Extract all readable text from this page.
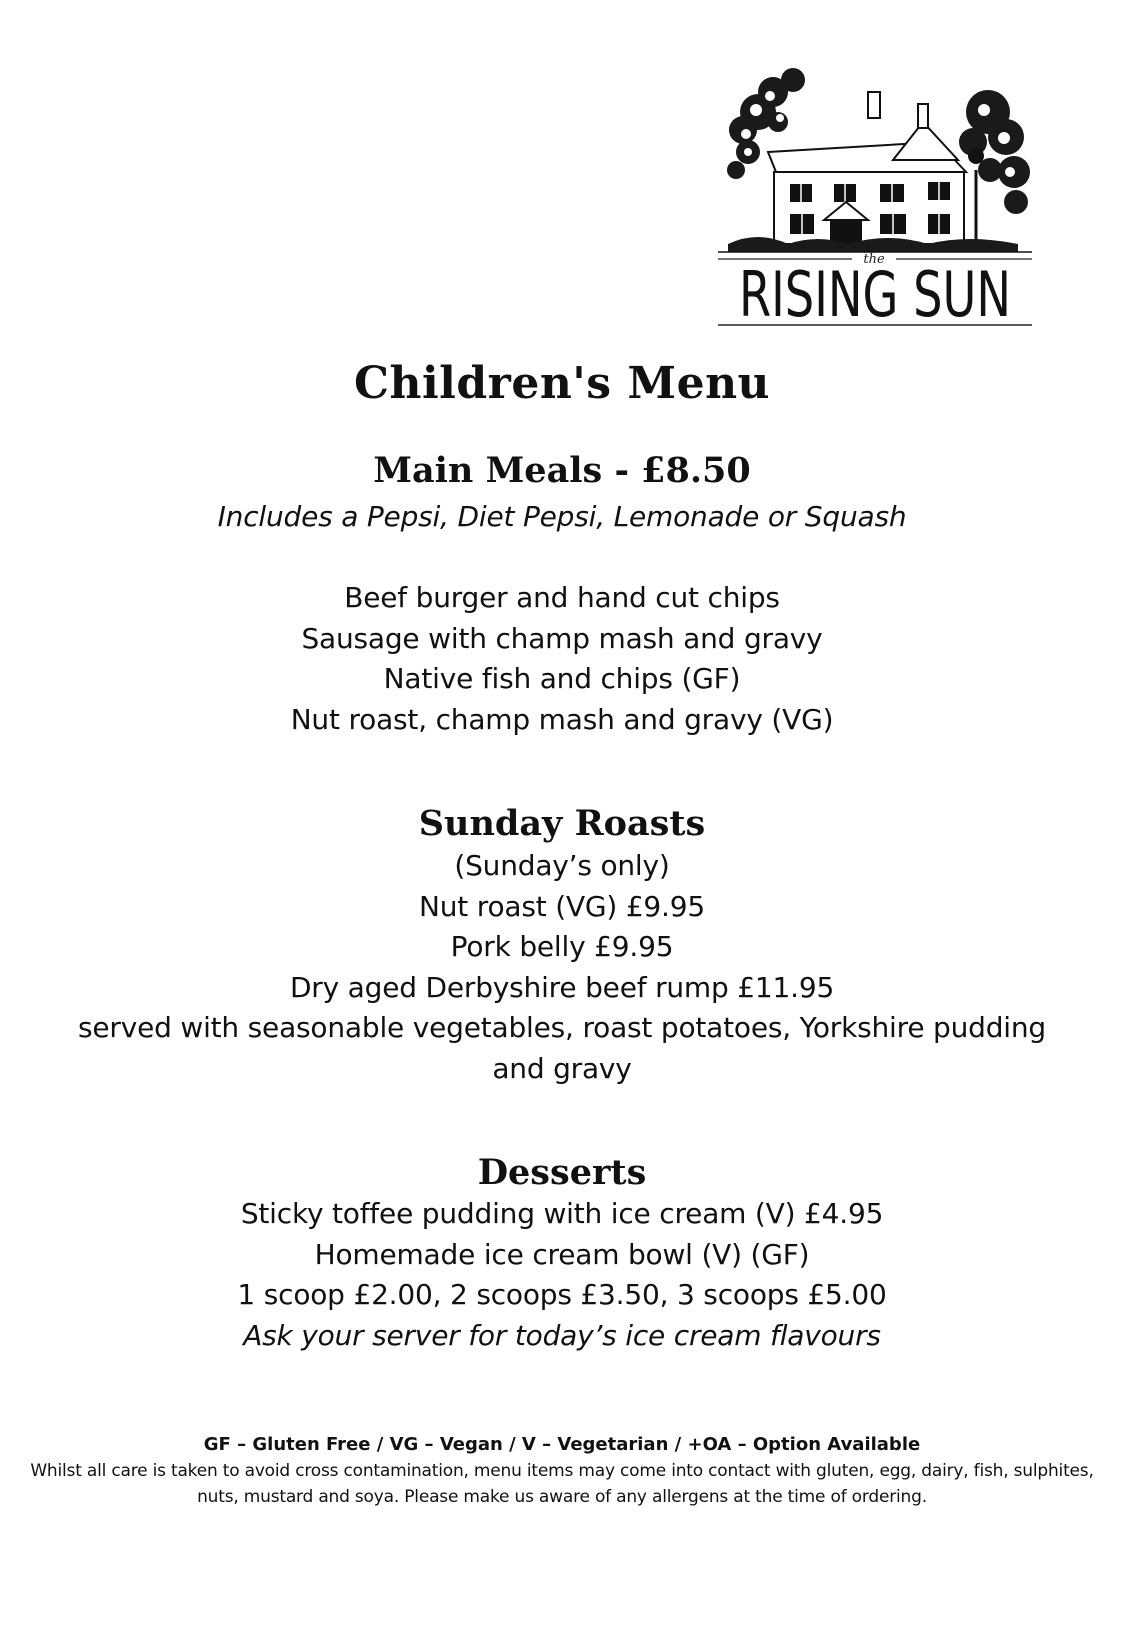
the
RISING SUN
Children's Menu
Main Meals - £8.50
Includes a Pepsi, Diet Pepsi, Lemonade or Squash
Beef burger and hand cut chips
Sausage with champ mash and gravy
Native fish and chips (GF)
Nut roast, champ mash and gravy (VG)
Sunday Roasts
(Sunday’s only)
Nut roast (VG) £9.95
Pork belly £9.95
Dry aged Derbyshire beef rump £11.95
served with seasonable vegetables, roast potatoes, Yorkshire pudding and gravy
Desserts
Sticky toffee pudding with ice cream (V) £4.95
Homemade ice cream bowl (V) (GF)
1 scoop £2.00, 2 scoops £3.50, 3 scoops £5.00
Ask your server for today’s ice cream flavours
GF – Gluten Free / VG – Vegan / V – Vegetarian / +OA – Option Available
Whilst all care is taken to avoid cross contamination, menu items may come into contact with gluten, egg, dairy, fish, sulphites, nuts, mustard and soya. Please make us aware of any allergens at the time of ordering.
